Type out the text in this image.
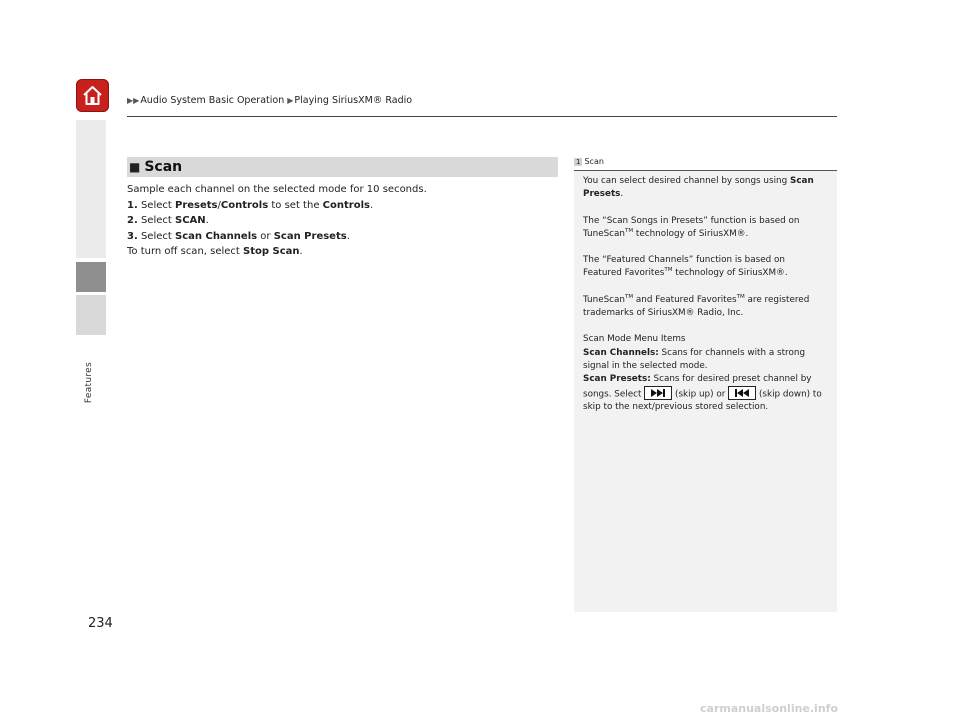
Features
▶▶Audio System Basic Operation ▶Playing SiriusXM® Radio
■ Scan

Sample each channel on the selected mode for 10 seconds.

1. Select Presets/Controls to set the Controls.

2. Select SCAN.

3. Select Scan Channels or Scan Presets.

To turn off scan, select Stop Scan.

1 Scan

You can select desired channel by songs using Scan
Presets.

The “Scan Songs in Presets” function is based on
TuneScan™ technology of SiriusXM®.

The “Featured Channels” function is based on
Featured Favorites™ technology of SiriusXM®.

TuneScan™ and Featured Favorites™ are registered
trademarks of SiriusXM® Radio, Inc.

Scan Mode Menu Items

Scan Channels: Scans for channels with a strong
signal in the selected mode.

Scan Presets: Scans for desired preset channel by
songs. Select	(skip up) or	(skip down) to
skip to the next/previous stored selection.

234
carmanualsonline.info
